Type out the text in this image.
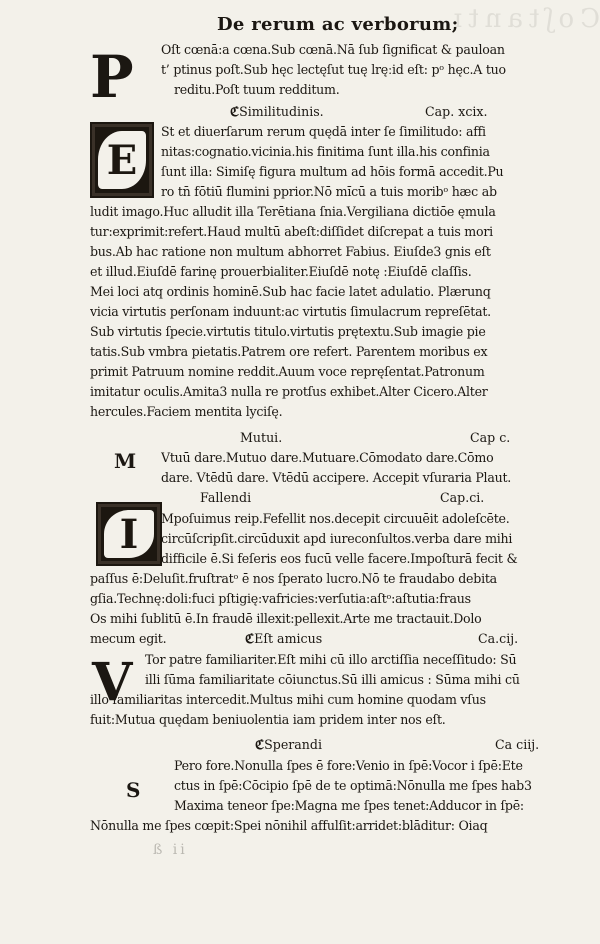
Coʃtantɪ
De rerum ac verborum;
P Oſt cœnā:a cœna.Sub cœnā.Nā ſub ſignificat & pauloan
t’ ptinus poſt.Sub hęc lectęſut tuę lręːid eſt: pᵒ hęc.A tuo
reditu.Poſt tuum redditum.
ℭSimilitudinis.	Cap. xcix.
E
St et diuerſarum rerum quędā inter ſe ſimilitudo: affi
nitas:cognatio.vicinia.his finitima ſunt illa.his confinia
ſunt illa: Simiſę figura multum ad hōis formā accedit.Pu
ro tn̄ fōtiū flumini pprior.Nō mı̄cū a tuis moribᵒ hæc ab
ludit imago.Huc alludit illa Terētiana ſnia.Vergiliana dictiōe ęmula
tur:exprimit:refert.Haud multū abeſt:diſſidet diſcrepat a tuis mori
bus.Ab hac ratione non multum abhorret Fabius. Eiuſde3 gnis eſt
et illud.Eiuſdē farinę prouerbialiter.Eiuſdē notę :Eiuſdē claſſis.
Mei loci atq ordinis hominē.Sub hac facie latet adulatio. Plærunq
vicia virtutis perſonam induunt:ac virtutis ſimulacrum repreſētat.
Sub virtutis ſpecie.virtutis titulo.virtutis prętextu.Sub imagie pie
tatis.Sub vmbra pietatis.Patrem ore refert. Parentem moribus ex
primit Patruum nomine reddit.Auum voce repręſentat.Patronum
imitatur oculis.Amita3 nulla re protſus exhibet.Alter Cicero.Alter
hercules.Faciem mentita lyciſę.
Mutui.	Cap c.
M Vtuū dare.Mutuo dare.Mutuare.Cōmodato dare.Cōmo
dare. Vtēdū dare. Vtēdū accipere. Accepit vſuraria Plaut.
Fallendi	Cap.ci.
I	Mpoſuimus reip.Fefellit nos.decepit circuuēit adoleſcēte.
circūſcripſit.circūduxit apd iureconſultos.verba dare mihi
difficile ē.Si feſeris eos fucū velle facere.Impoſturā fecit &
paſſus ē:Deluſit.fruſtratᵒ ē nos ſperato lucro.Nō te fraudabo debita
gſia.Technę:doli:fuci pſtigię:vafricies:verſutia:aſtᵒ:aſtutia:fraus
Os mihi ſublitū ē.In fraudē illexit:pellexit.Arte me tractauit.Dolo
mecum egit.	ℭEſt amicus	Ca.cij.
V Tor patre familiariter.Eſt mihi cū illo arctiſſia neceſſitudo: Sū
illi ſūma familiaritate cōiunctus.Sū illi amicus : Sūma mihi cū
illo familiaritas intercedit.Multus mihi cum homine quodam vſus
fuit:Mutua quędam beniuolentia iam pridem inter nos eſt.
ℭSperandi	Ca ciij.
Pero fore.Nonulla ſpes ē fore:Venio in ſpē:Vocor i ſpē:Ete
S	ctus in ſpē:Cōcipio ſpē de te optimā:Nōnulla me ſpes hab3
Maxima teneor ſpe:Magna me ſpes tenet:Adducor in ſpē:
Nōnulla me ſpes cœpit:Spei nōnihil affulſit:arridet:blāditur: Oiaq
ß ii
